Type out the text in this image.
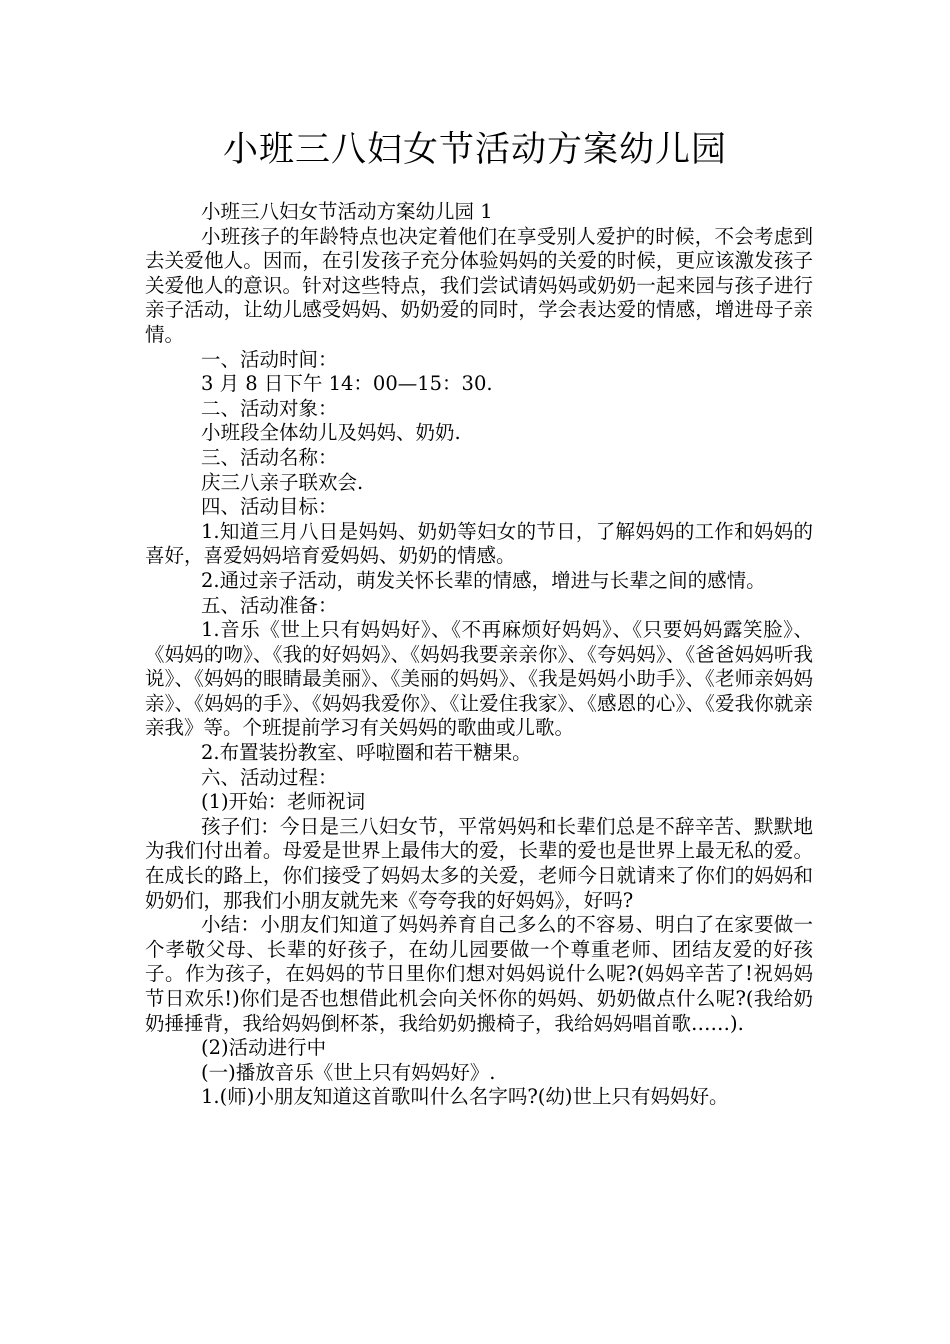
小班三八妇女节活动方案幼儿园

小班三八妇女节活动方案幼儿园 1

小班孩子的年龄特点也决定着他们在享受别人爱护的时候，不会考虑到去关爱他人。因而，在引发孩子充分体验妈妈的关爱的时候，更应该激发孩子关爱他人的意识。针对这些特点，我们尝试请妈妈或奶奶一起来园与孩子进行亲子活动，让幼儿感受妈妈、奶奶爱的同时，学会表达爱的情感，增进母子亲情。

一、活动时间：

3 月 8 日下午 14：00—15：30.

二、活动对象：

小班段全体幼儿及妈妈、奶奶.

三、活动名称：

庆三八亲子联欢会.

四、活动目标：

1.知道三月八日是妈妈、奶奶等妇女的节日，了解妈妈的工作和妈妈的喜好，喜爱妈妈培育爱妈妈、奶奶的情感。

2.通过亲子活动，萌发关怀长辈的情感，增进与长辈之间的感情。

五、活动准备：

1.音乐《世上只有妈妈好》、《不再麻烦好妈妈》、《只要妈妈露笑脸》、《妈妈的吻》、《我的好妈妈》、《妈妈我要亲亲你》、《夸妈妈》、《爸爸妈妈听我说》、《妈妈的眼睛最美丽》、《美丽的妈妈》、《我是妈妈小助手》、《老师亲妈妈亲》、《妈妈的手》、《妈妈我爱你》、《让爱住我家》、《感恩的心》、《爱我你就亲亲我》等。个班提前学习有关妈妈的歌曲或儿歌。

2.布置装扮教室、呼啦圈和若干糖果。

六、活动过程：

(1)开始：老师祝词

孩子们：今日是三八妇女节，平常妈妈和长辈们总是不辞辛苦、默默地为我们付出着。母爱是世界上最伟大的爱，长辈的爱也是世界上最无私的爱。在成长的路上，你们接受了妈妈太多的关爱，老师今日就请来了你们的妈妈和奶奶们，那我们小朋友就先来《夸夸我的好妈妈》，好吗?

小结：小朋友们知道了妈妈养育自己多么的不容易、明白了在家要做一个孝敬父母、长辈的好孩子，在幼儿园要做一个尊重老师、团结友爱的好孩子。作为孩子，在妈妈的节日里你们想对妈妈说什么呢?(妈妈辛苦了!祝妈妈节日欢乐!)你们是否也想借此机会向关怀你的妈妈、奶奶做点什么呢?(我给奶奶捶捶背，我给妈妈倒杯茶，我给奶奶搬椅子，我给妈妈唱首歌……).

(2)活动进行中

(一)播放音乐《世上只有妈妈好》.

1.(师)小朋友知道这首歌叫什么名字吗?(幼)世上只有妈妈好。
